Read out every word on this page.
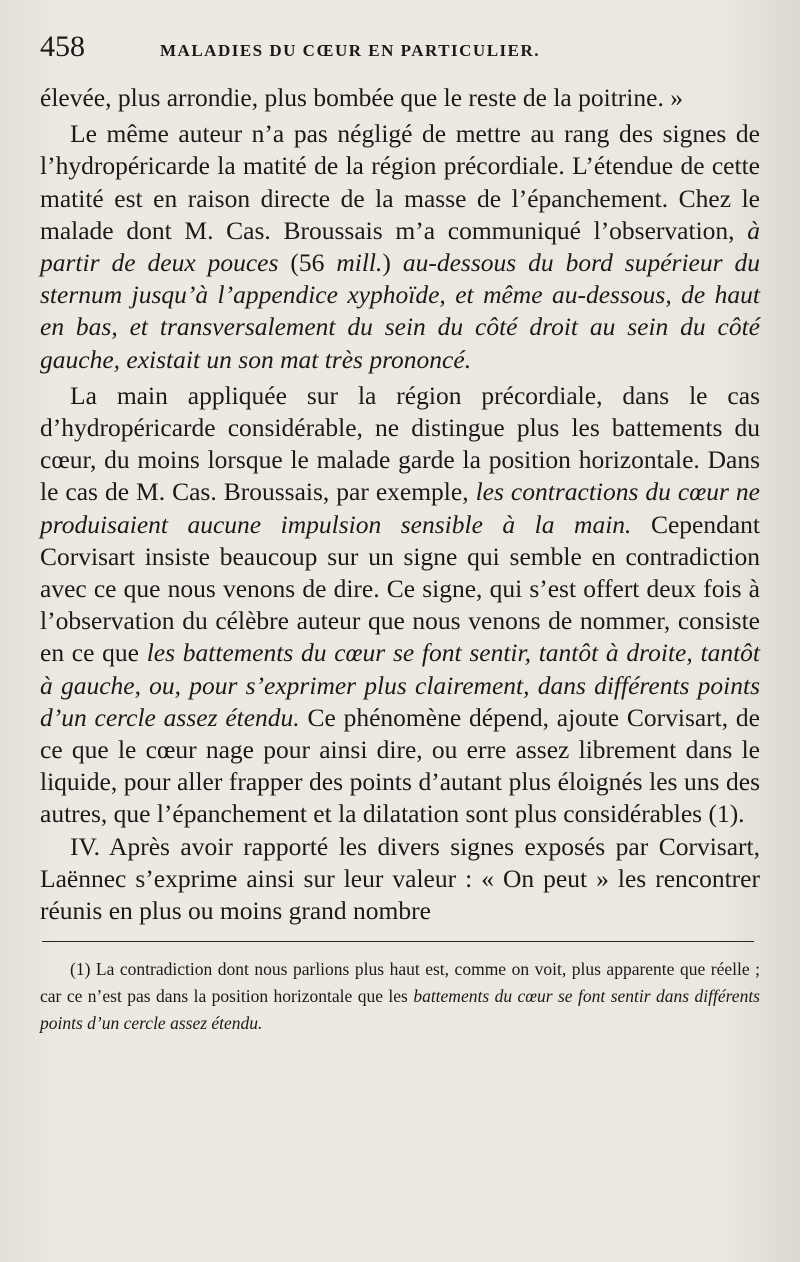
458	MALADIES DU CŒUR EN PARTICULIER.

élevée, plus arrondie, plus bombée que le reste de la poitrine. »

Le même auteur n’a pas négligé de mettre au rang des signes de l’hydropéricarde la matité de la région précordiale. L’étendue de cette matité est en raison directe de la masse de l’épanchement. Chez le malade dont M. Cas. Broussais m’a communiqué l’observation, à partir de deux pouces (56 mill.) au-dessous du bord supérieur du sternum jusqu’à l’appendice xyphoïde, et même au-dessous, de haut en bas, et transversalement du sein du côté droit au sein du côté gauche, existait un son mat très prononcé.

La main appliquée sur la région précordiale, dans le cas d’hydropéricarde considérable, ne distingue plus les battements du cœur, du moins lorsque le malade garde la position horizontale. Dans le cas de M. Cas. Broussais, par exemple, les contractions du cœur ne produisaient aucune impulsion sensible à la main. Cependant Corvisart insiste beaucoup sur un signe qui semble en contradiction avec ce que nous venons de dire. Ce signe, qui s’est offert deux fois à l’observation du célèbre auteur que nous venons de nommer, consiste en ce que les battements du cœur se font sentir, tantôt à droite, tantôt à gauche, ou, pour s’exprimer plus clairement, dans différents points d’un cercle assez étendu. Ce phénomène dépend, ajoute Corvisart, de ce que le cœur nage pour ainsi dire, ou erre assez librement dans le liquide, pour aller frapper des points d’autant plus éloignés les uns des autres, que l’épanchement et la dilatation sont plus considérables (1).

IV. Après avoir rapporté les divers signes exposés par Corvisart, Laënnec s’exprime ainsi sur leur valeur : « On peut » les rencontrer réunis en plus ou moins grand nombre

(1) La contradiction dont nous parlions plus haut est, comme on voit, plus apparente que réelle ; car ce n’est pas dans la position horizontale que les battements du cœur se font sentir dans différents points d’un cercle assez étendu.
